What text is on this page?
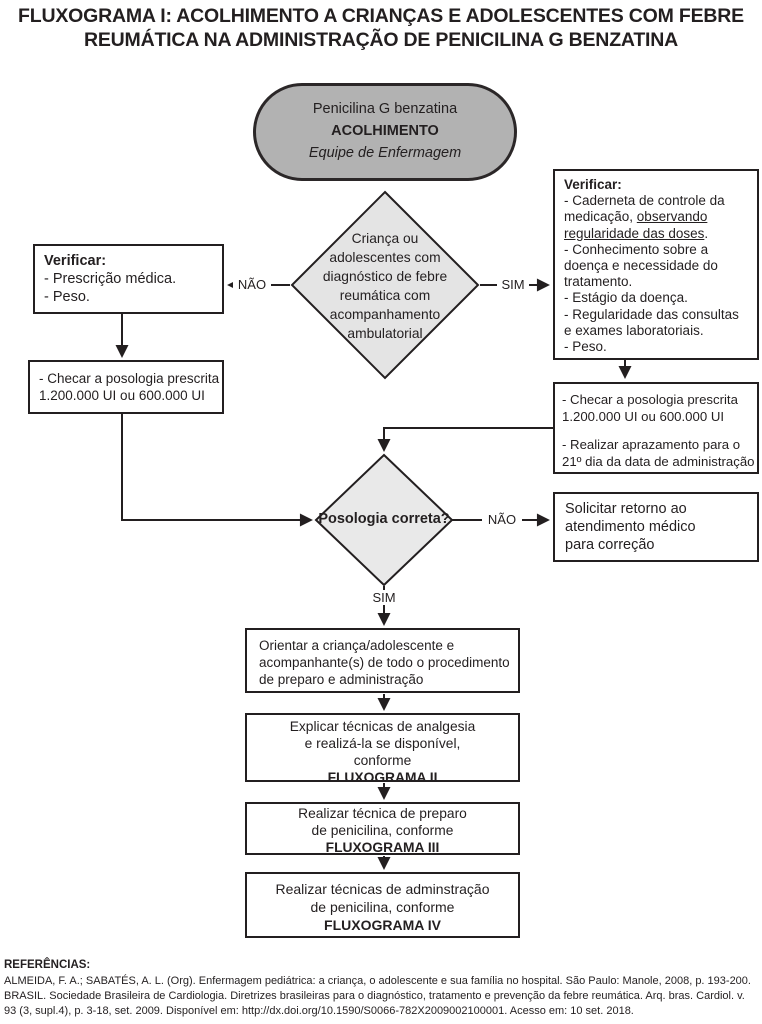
FLUXOGRAMA I: ACOLHIMENTO A CRIANÇAS E ADOLESCENTES COM FEBRE
REUMÁTICA NA ADMINISTRAÇÃO DE PENICILINA G BENZATINA
Penicilina G benzatina
ACOLHIMENTO
Equipe de Enfermagem
Criança ou
adolescentes com
diagnóstico de febre
reumática com
acompanhamento
ambulatorial
NÃO	SIM
Verificar:
- Prescrição médica.
- Peso.
- Checar a posologia prescrita
1.200.000 UI ou 600.000 UI
Verificar:
- Caderneta de controle da medicação, observando regularidade das doses.
- Conhecimento sobre a doença e necessidade do tratamento.
- Estágio da doença.
- Regularidade das consultas e exames laboratoriais.
- Peso.
- Checar a posologia prescrita
1.200.000 UI ou 600.000 UI
- Realizar aprazamento para o
21º dia da data de administração
Posologia correta?	NÃO
SIM
Solicitar retorno ao
atendimento médico
para correção
Orientar a criança/adolescente e
acompanhante(s) de todo o procedimento
de preparo e administração
Explicar técnicas de analgesia
e realizá-la se disponível,
conforme
FLUXOGRAMA II
Realizar técnica de preparo
de penicilina, conforme
FLUXOGRAMA III
Realizar técnicas de adminstração
de penicilina, conforme
FLUXOGRAMA IV
REFERÊNCIAS:
ALMEIDA, F. A.; SABATÉS, A. L. (Org). Enfermagem pediátrica: a criança, o adolescente e sua família no hospital. São Paulo: Manole, 2008, p. 193-200.
BRASIL. Sociedade Brasileira de Cardiologia. Diretrizes brasileiras para o diagnóstico, tratamento e prevenção da febre reumática. Arq. bras. Cardiol. v. 93 (3, supl.4), p. 3-18, set. 2009. Disponível em: http://dx.doi.org/10.1590/S0066-782X2009002100001. Acesso em: 10 set. 2018.
